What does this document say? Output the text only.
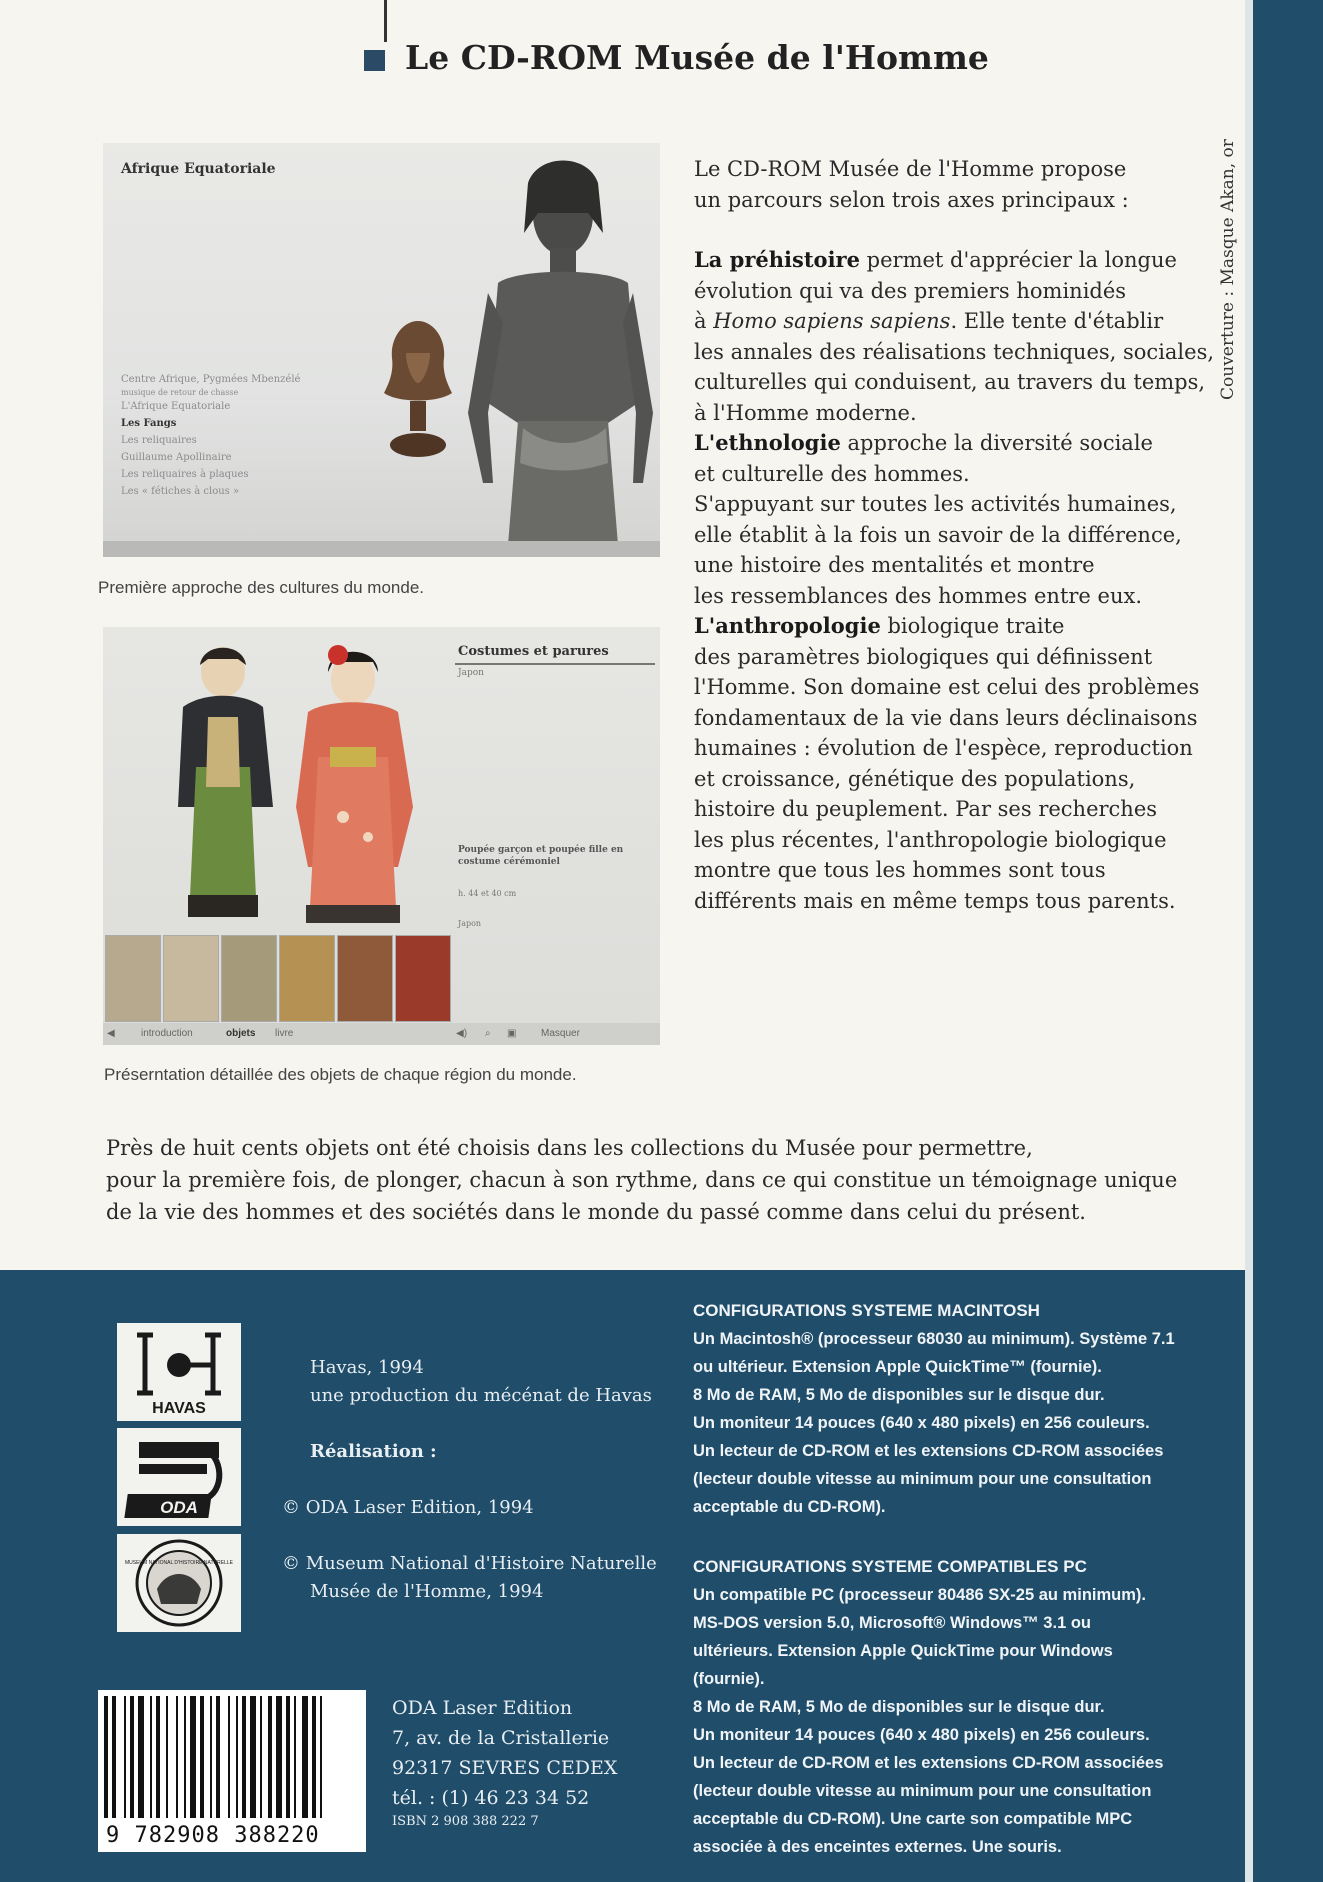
Couverture : Masque Akan, or
Le CD-ROM Musée de l'Homme
Afrique Equatoriale
Centre Afrique, Pygmées Mbenzélé
musique de retour de chasse
L'Afrique Equatoriale
Les Fangs
Les reliquaires
Guillaume Apollinaire
Les reliquaires à plaques
Les « fétiches à clous »
Première approche des cultures du monde.
Costumes et parures
Japon
Poupée garçon et poupée fille en costume cérémoniel
h. 44 et 40 cm
Japon
◀	introduction	objets livre	◀) ⌕ ▣ Masquer
Préserntation détaillée des objets de chaque région du monde.

Le CD-ROM Musée de l'Homme propose

un parcours selon trois axes principaux :

La préhistoire permet d'apprécier la longue

évolution qui va des premiers hominidés

à Homo sapiens sapiens. Elle tente d'établir

les annales des réalisations techniques, sociales,

culturelles qui conduisent, au travers du temps,

à l'Homme moderne.

L'ethnologie approche la diversité sociale

et culturelle des hommes.

S'appuyant sur toutes les activités humaines,

elle établit à la fois un savoir de la différence,

une histoire des mentalités et montre

les ressemblances des hommes entre eux.

L'anthropologie biologique traite

des paramètres biologiques qui définissent

l'Homme. Son domaine est celui des problèmes

fondamentaux de la vie dans leurs déclinaisons

humaines : évolution de l'espèce, reproduction

et croissance, génétique des populations,

histoire du peuplement. Par ses recherches

les plus récentes, l'anthropologie biologique

montre que tous les hommes sont tous

différents mais en même temps tous parents.

Près de huit cents objets ont été choisis dans les collections du Musée pour permettre,
pour la première fois, de plonger, chacun à son rythme, dans ce qui constitue un témoignage unique
de la vie des hommes et des sociétés dans le monde du passé comme dans celui du présent.
HAVAS
ODA
MUSEUM NATIONAL D'HISTOIRE NATURELLE
Havas, 1994
une production du mécénat de Havas
Réalisation :
© ODA Laser Edition, 1994
© Museum National d'Histoire Naturelle
Musée de l'Homme, 1994
CONFIGURATIONS SYSTEME MACINTOSH
Un Macintosh® (processeur 68030 au minimum). Système 7.1
ou ultérieur. Extension Apple QuickTime™ (fournie).
8 Mo de RAM, 5 Mo de disponibles sur le disque dur.
Un moniteur 14 pouces (640 x 480 pixels) en 256 couleurs.
Un lecteur de CD-ROM et les extensions CD-ROM associées
(lecteur double vitesse au minimum pour une consultation
acceptable du CD-ROM).
CONFIGURATIONS SYSTEME COMPATIBLES PC
Un compatible PC (processeur 80486 SX-25 au minimum).
MS-DOS version 5.0, Microsoft® Windows™ 3.1 ou
ultérieurs. Extension Apple QuickTime pour Windows
(fournie).
8 Mo de RAM, 5 Mo de disponibles sur le disque dur.
Un moniteur 14 pouces (640 x 480 pixels) en 256 couleurs.
Un lecteur de CD-ROM et les extensions CD-ROM associées
(lecteur double vitesse au minimum pour une consultation
acceptable du CD-ROM). Une carte son compatible MPC
associée à des enceintes externes. Une souris.
9 782908 388220
ODA Laser Edition
7, av. de la Cristallerie
92317 SEVRES CEDEX
tél. : (1) 46 23 34 52
ISBN 2 908 388 222 7
